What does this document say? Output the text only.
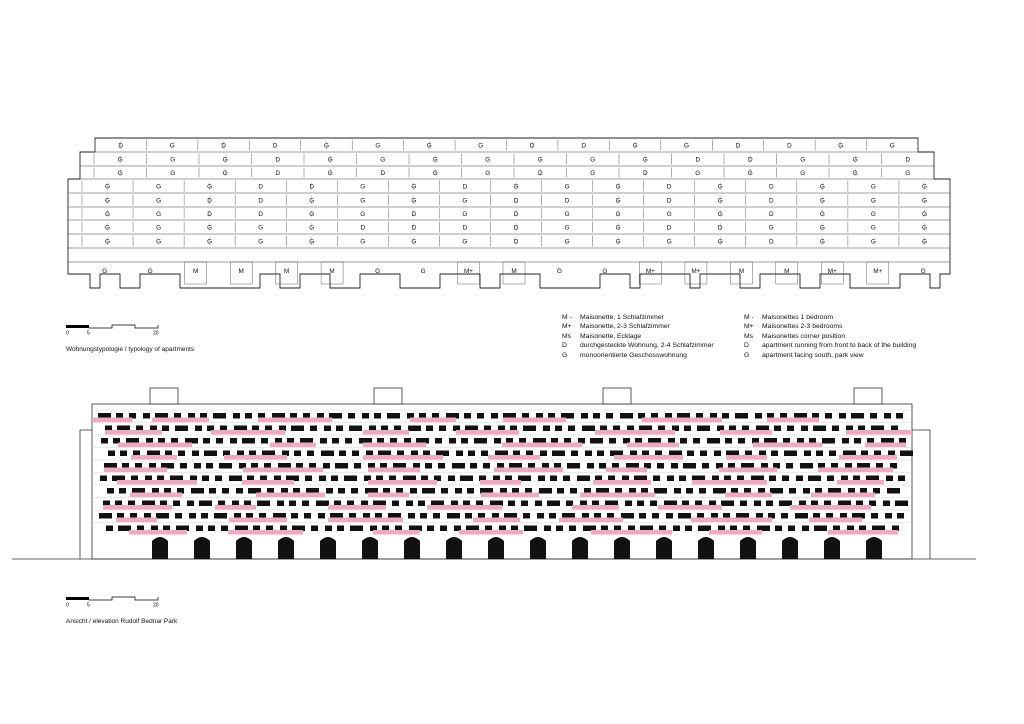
D	G	D	D	G	G	G	G	D	D	G	G	D	D	G	G
G	G	G	D	G	G	G	G	G	G	G	D	D	G	G	D
G	G	G	D	G	D	G	G	D	G	D	G	G	G	G	G
G	G	G	D	D	G	G	D	G	G	G	D	G	D	G	G	G
G	G	D	D	G	G	G	G	D	D	G	D	G	D	G	G	G
G	G	D	D	G	G	D	G	D	G	G	G	G	D	G	G	G
G	G	G	G	G	D	D	D	D	G	G	D	D	G	G	G	G
G	G	G	G	G	G	G	G	D	G	G	G	G	D	G	G	G
G	G	M	M	M	M	G	G	M+	M	G	G	M+	M+	M	M	M+	M+	G
0	5	20
0	5	20
Wohnungstypologie / typology of apartments
M -	Maisonette, 1 Schlafzimmer
M+	Maisonette, 2-3 Schlafzimmer
Ms	Maisonette, Ecklage
D	durchgesteckte Wohnung, 2-4 Schlafzimmer
G	monoorientierte Geschosswohnung
M -	Maisonettes 1 bedroom
M+	Maisonettes 2-3 bedrooms
Ms	Maisonettes corner position
D	apartment running from front to back of the building
G	apartment facing south, park view
Ansicht / elevation Rudolf Bednar Park
